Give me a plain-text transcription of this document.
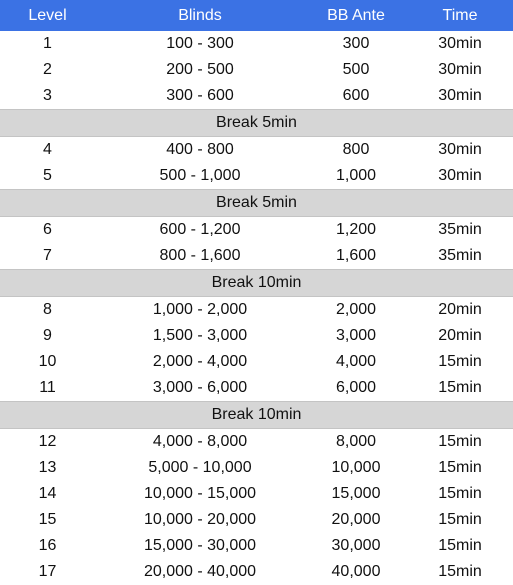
Level	Blinds	BB Ante	Time
1	100 - 300	300	30min
2	200 - 500	500	30min
3	300 - 600	600	30min
Break 5min			
4	400 - 800	800	30min
5	500 - 1,000	1,000	30min
Break 5min			
6	600 - 1,200	1,200	35min
7	800 - 1,600	1,600	35min
Break 10min			
8	1,000 - 2,000	2,000	20min
9	1,500 - 3,000	3,000	20min
10	2,000 - 4,000	4,000	15min
11	3,000 - 6,000	6,000	15min
Break 10min			
12	4,000 - 8,000	8,000	15min
13	5,000 - 10,000	10,000	15min
14	10,000 - 15,000	15,000	15min
15	10,000 - 20,000	20,000	15min
16	15,000 - 30,000	30,000	15min
17	20,000 - 40,000	40,000	15min
